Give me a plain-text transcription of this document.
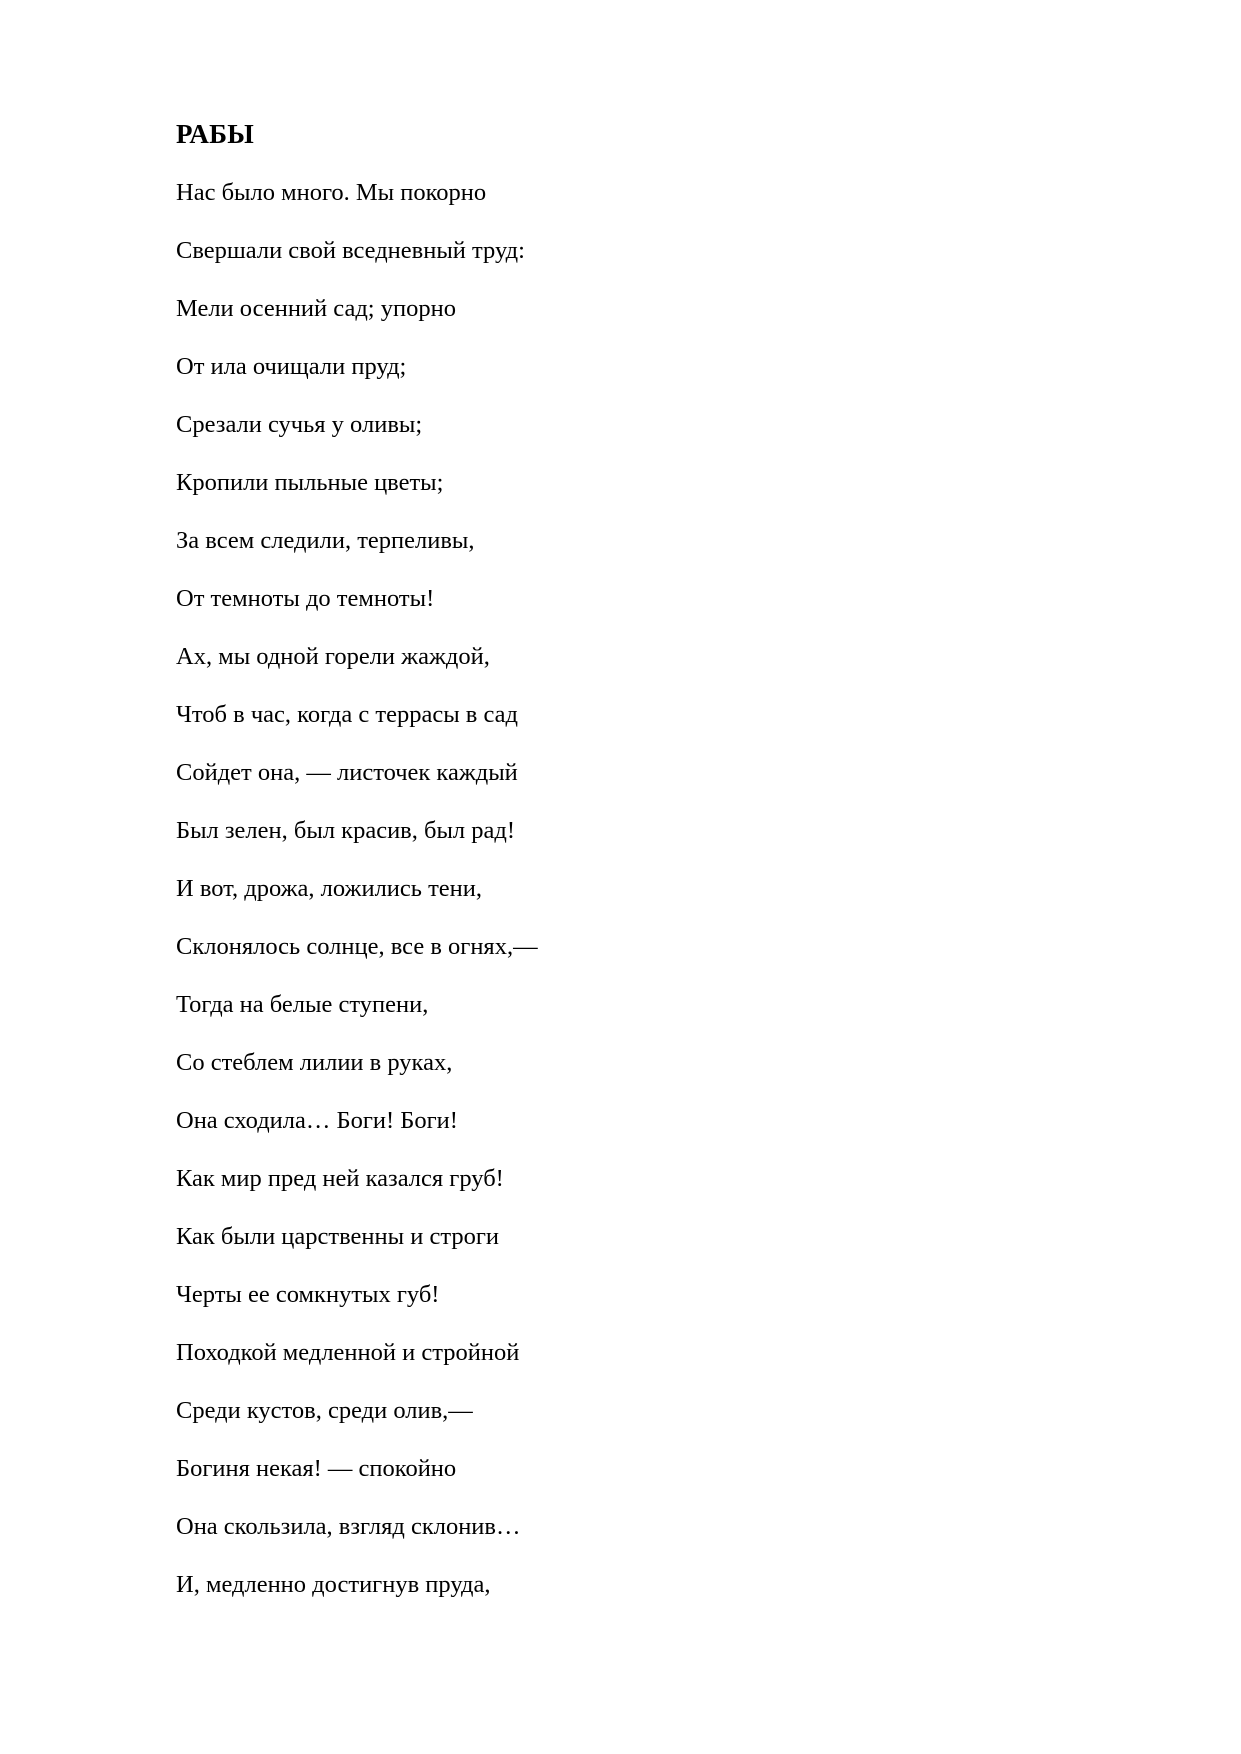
РАБЫ
Нас было много. Мы покорно
Свершали свой вседневный труд:
Мели осенний сад; упорно
От ила очищали пруд;
Срезали сучья у оливы;
Кропили пыльные цветы;
За всем следили, терпеливы,
От темноты до темноты!
Ах, мы одной горели жаждой,
Чтоб в час, когда с террасы в сад
Сойдет она, — листочек каждый
Был зелен, был красив, был рад!
И вот, дрожа, ложились тени,
Склонялось солнце, все в огнях,—
Тогда на белые ступени,
Со стеблем лилии в руках,
Она сходила… Боги! Боги!
Как мир пред ней казался груб!
Как были царственны и строги
Черты ее сомкнутых губ!
Походкой медленной и стройной
Среди кустов, среди олив,—
Богиня некая! — спокойно
Она скользила, взгляд склонив…
И, медленно достигнув пруда,
